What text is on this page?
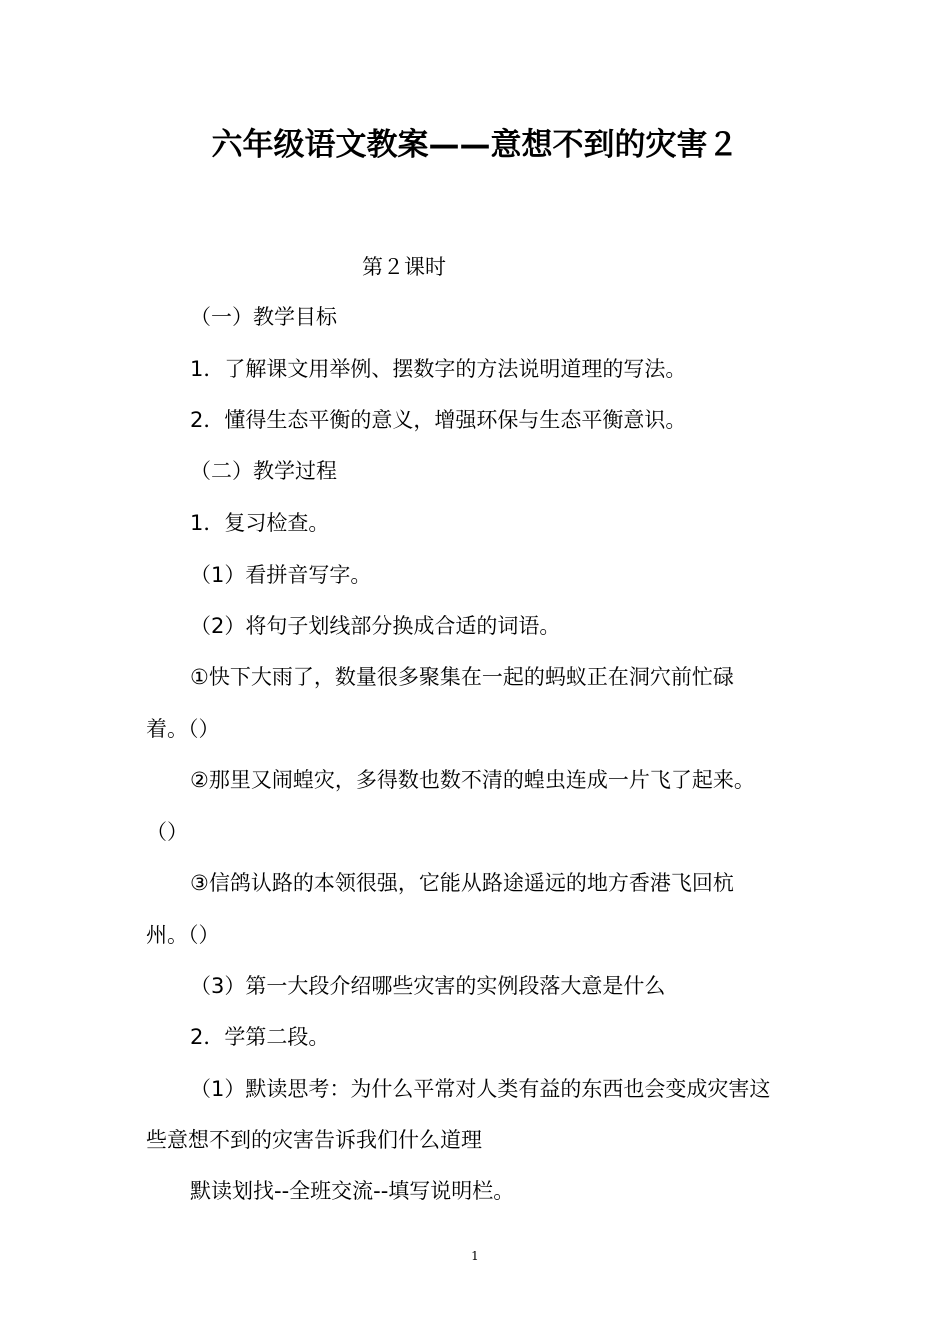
六年级语文教案——意想不到的灾害２
第２课时
（一）教学目标
1．了解课文用举例、摆数字的方法说明道理的写法。
2．懂得生态平衡的意义，增强环保与生态平衡意识。
（二）教学过程
1．复习检查。
（1）看拼音写字。
（2）将句子划线部分换成合适的词语。
①快下大雨了，数量很多聚集在一起的蚂蚁正在洞穴前忙碌
着。（）
②那里又闹蝗灾，多得数也数不清的蝗虫连成一片飞了起来。
（）
③信鸽认路的本领很强，它能从路途遥远的地方香港飞回杭
州。（）
（3）第一大段介绍哪些灾害的实例段落大意是什么
2．学第二段。
（1）默读思考：为什么平常对人类有益的东西也会变成灾害这
些意想不到的灾害告诉我们什么道理
默读划找--全班交流--填写说明栏。
1
